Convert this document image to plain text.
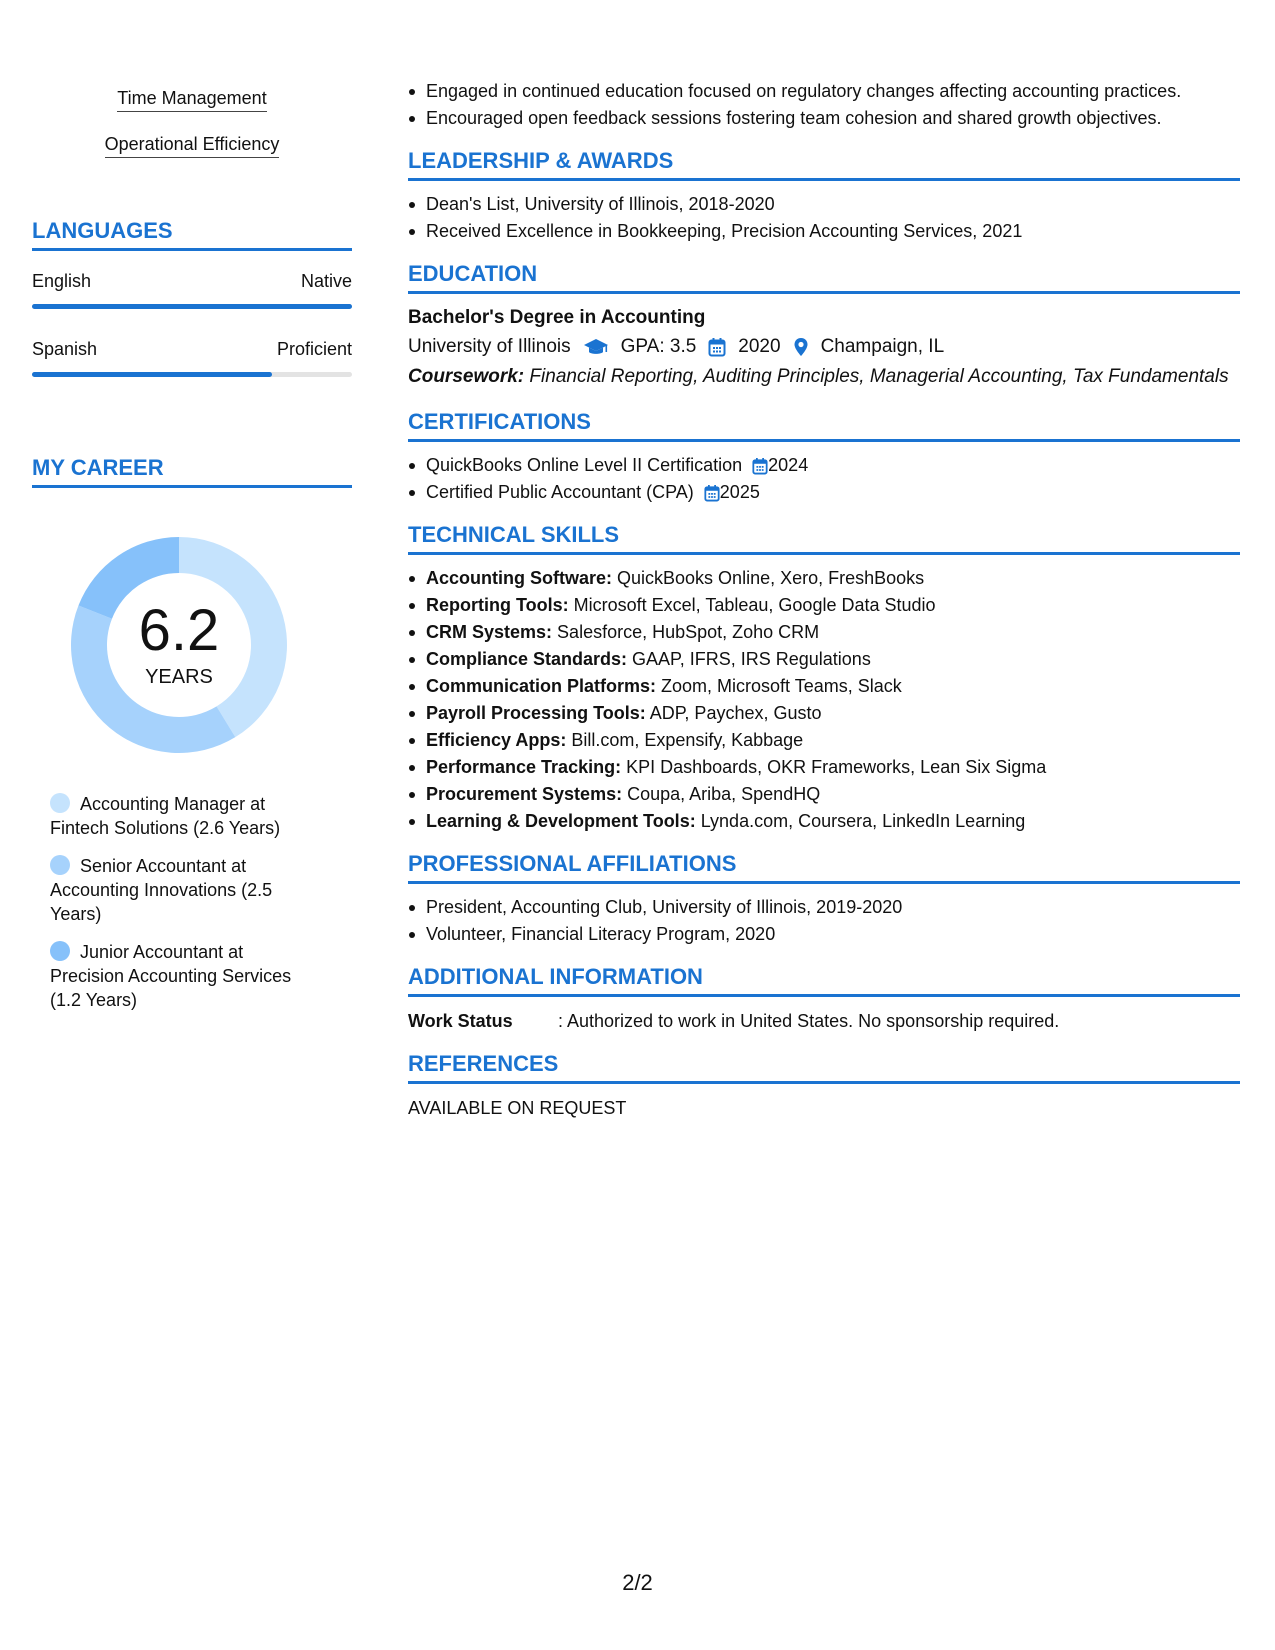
Time Management
Operational Efficiency
LANGUAGES
English	Native
Spanish	Proficient
MY CAREER
6.2
YEARS
Accounting Manager at Fintech Solutions (2.6 Years)
Senior Accountant at Accounting Innovations (2.5 Years)
Junior Accountant at Precision Accounting Services (1.2 Years)
Engaged in continued education focused on regulatory changes affecting accounting practices.
Encouraged open feedback sessions fostering team cohesion and shared growth objectives.
LEADERSHIP & AWARDS
Dean's List, University of Illinois, 2018-2020
Received Excellence in Bookkeeping, Precision Accounting Services, 2021
EDUCATION
Bachelor's Degree in Accounting
University of Illinois	GPA: 3.5 2020 Champaign, IL
Coursework: Financial Reporting, Auditing Principles, Managerial Accounting, Tax Fundamentals
CERTIFICATIONS
QuickBooks Online Level II Certification 2024
Certified Public Accountant (CPA) 2025
TECHNICAL SKILLS
Accounting Software: QuickBooks Online, Xero, FreshBooks
Reporting Tools: Microsoft Excel, Tableau, Google Data Studio
CRM Systems: Salesforce, HubSpot, Zoho CRM
Compliance Standards: GAAP, IFRS, IRS Regulations
Communication Platforms: Zoom, Microsoft Teams, Slack
Payroll Processing Tools: ADP, Paychex, Gusto
Efficiency Apps: Bill.com, Expensify, Kabbage
Performance Tracking: KPI Dashboards, OKR Frameworks, Lean Six Sigma
Procurement Systems: Coupa, Ariba, SpendHQ
Learning & Development Tools: Lynda.com, Coursera, LinkedIn Learning
PROFESSIONAL AFFILIATIONS
President, Accounting Club, University of Illinois, 2019-2020
Volunteer, Financial Literacy Program, 2020
ADDITIONAL INFORMATION
Work Status	: Authorized to work in United States. No sponsorship required.
REFERENCES
AVAILABLE ON REQUEST
2/2
